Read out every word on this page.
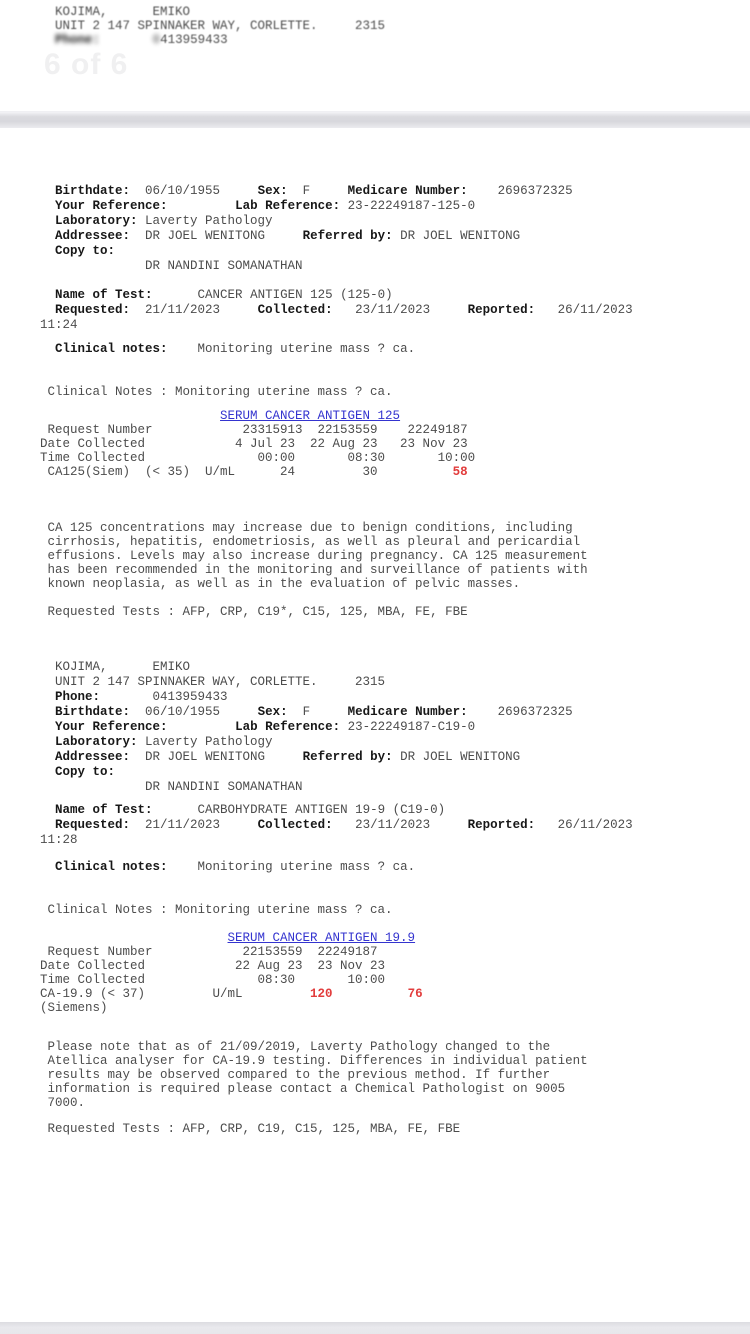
6 of 6
KOJIMA,      EMIKO
UNIT 2 147 SPINNAKER WAY, CORLETTE.     2315
Phone:	0413959433
Birthdate:  06/10/1955     Sex:  F     Medicare Number:    2696372325
Your Reference:	Lab Reference: 23-22249187-125-0
Laboratory: Laverty Pathology
Addressee:  DR JOEL WENITONG     Referred by: DR JOEL WENITONG
Copy to:
DR NANDINI SOMANATHAN
Name of Test:      CANCER ANTIGEN 125 (125-0)
Requested:  21/11/2023     Collected:   23/11/2023     Reported:   26/11/2023
11:24
Clinical notes:    Monitoring uterine mass ? ca.
Clinical Notes : Monitoring uterine mass ? ca.
SERUM CANCER ANTIGEN 125
Request Number            23315913  22153559    22249187
Date Collected            4 Jul 23  22 Aug 23   23 Nov 23
Time Collected               00:00       08:30       10:00
CA125(Siem)  (< 35)  U/mL      24         30          58
CA 125 concentrations may increase due to benign conditions, including
cirrhosis, hepatitis, endometriosis, as well as pleural and pericardial
effusions. Levels may also increase during pregnancy. CA 125 measurement
has been recommended in the monitoring and surveillance of patients with
known neoplasia, as well as in the evaluation of pelvic masses.
Requested Tests : AFP, CRP, C19*, C15, 125, MBA, FE, FBE
KOJIMA,      EMIKO
UNIT 2 147 SPINNAKER WAY, CORLETTE.     2315
Phone:       0413959433
Birthdate:  06/10/1955     Sex:  F     Medicare Number:    2696372325
Your Reference:	Lab Reference: 23-22249187-C19-0
Laboratory: Laverty Pathology
Addressee:  DR JOEL WENITONG     Referred by: DR JOEL WENITONG
Copy to:
DR NANDINI SOMANATHAN
Name of Test:      CARBOHYDRATE ANTIGEN 19-9 (C19-0)
Requested:  21/11/2023     Collected:   23/11/2023     Reported:   26/11/2023
11:28
Clinical notes:    Monitoring uterine mass ? ca.
Clinical Notes : Monitoring uterine mass ? ca.
SERUM CANCER ANTIGEN 19.9
Request Number            22153559  22249187
Date Collected            22 Aug 23  23 Nov 23
Time Collected               08:30       10:00
CA-19.9 (< 37)         U/mL         120	76
(Siemens)
Please note that as of 21/09/2019, Laverty Pathology changed to the
Atellica analyser for CA-19.9 testing. Differences in individual patient
results may be observed compared to the previous method. If further
information is required please contact a Chemical Pathologist on 9005
7000.
Requested Tests : AFP, CRP, C19, C15, 125, MBA, FE, FBE
